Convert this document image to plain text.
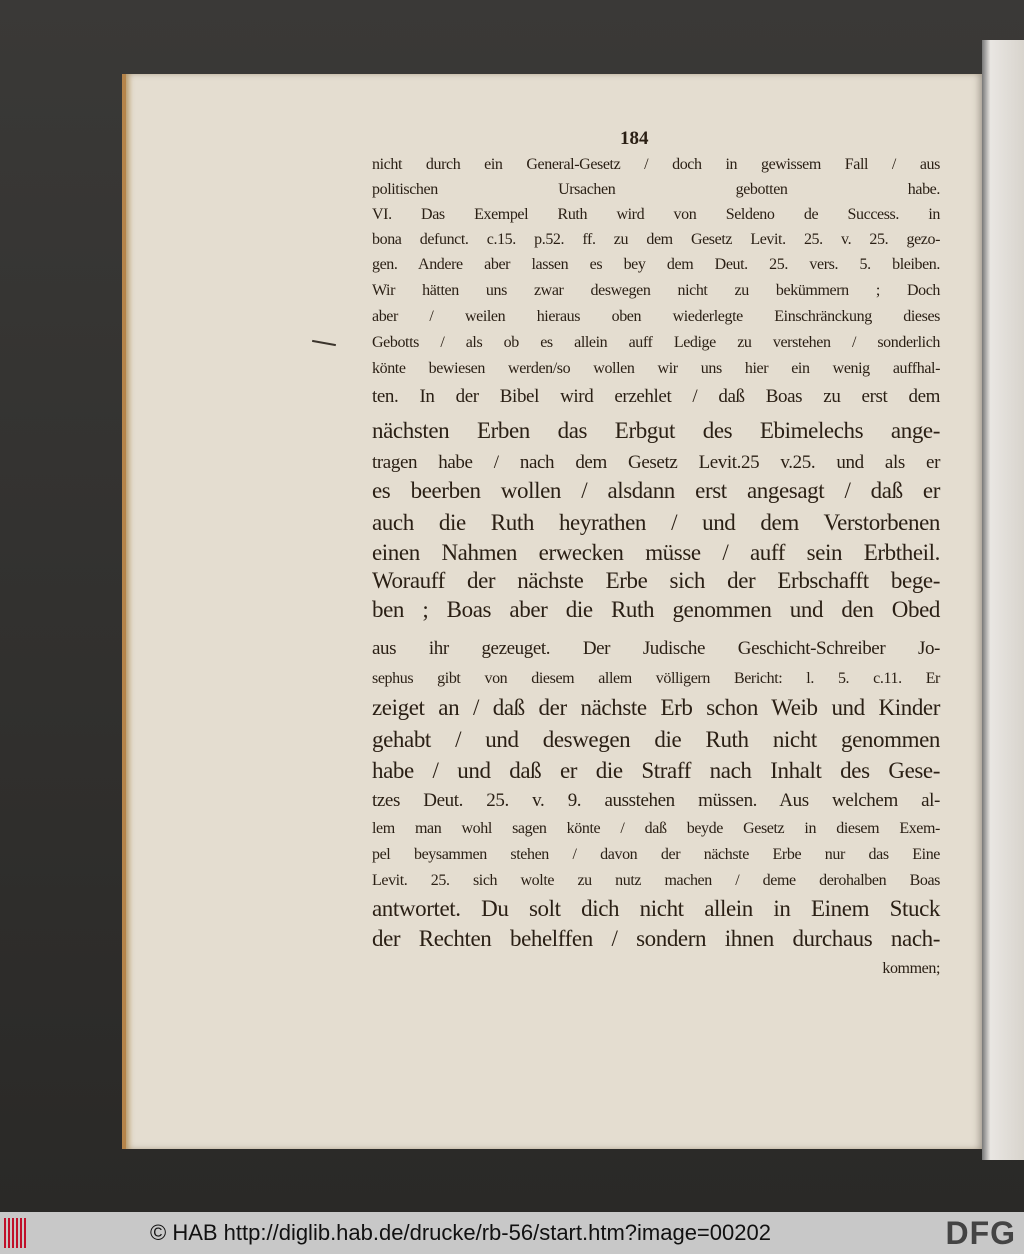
184
nicht durch ein General-Gesetz / doch in gewissem Fall / aus
politischen Ursachen gebotten habe.
VI. Das Exempel Ruth wird von Seldeno de Success. in
bona defunct. c.15. p.52. ff. zu dem Gesetz Levit. 25. v. 25. gezo-
gen. Andere aber lassen es bey dem Deut. 25. vers. 5. bleiben.
Wir hätten uns zwar deswegen nicht zu bekümmern ; Doch
aber / weilen hieraus oben wiederlegte Einschränckung dieses
Gebotts / als ob es allein auff Ledige zu verstehen / sonderlich
könte bewiesen werden/so wollen wir uns hier ein wenig auffhal-
ten. In der Bibel wird erzehlet / daß Boas zu erst dem
nächsten Erben das Erbgut des Ebimelechs ange-
tragen habe / nach dem Gesetz Levit.25 v.25. und als er
es beerben wollen / alsdann erst angesagt / daß er
auch die Ruth heyrathen / und dem Verstorbenen
einen Nahmen erwecken müsse / auff sein Erbtheil.
Worauff der nächste Erbe sich der Erbschafft bege-
ben ; Boas aber die Ruth genommen und den Obed
aus ihr gezeuget. Der Judische Geschicht-Schreiber Jo-
sephus gibt von diesem allem völligern Bericht: l. 5. c.11. Er
zeiget an / daß der nächste Erb schon Weib und Kinder
gehabt / und deswegen die Ruth nicht genommen
habe / und daß er die Straff nach Inhalt des Gese-
tzes Deut. 25. v. 9. ausstehen müssen. Aus welchem al-
lem man wohl sagen könte / daß beyde Gesetz in diesem Exem-
pel beysammen stehen / davon der nächste Erbe nur das Eine
Levit. 25. sich wolte zu nutz machen / deme derohalben Boas
antwortet. Du solt dich nicht allein in Einem Stuck
der Rechten behelffen / sondern ihnen durchaus nach-
kommen;
© HAB http://diglib.hab.de/drucke/rb-56/start.htm?image=00202	DFG
